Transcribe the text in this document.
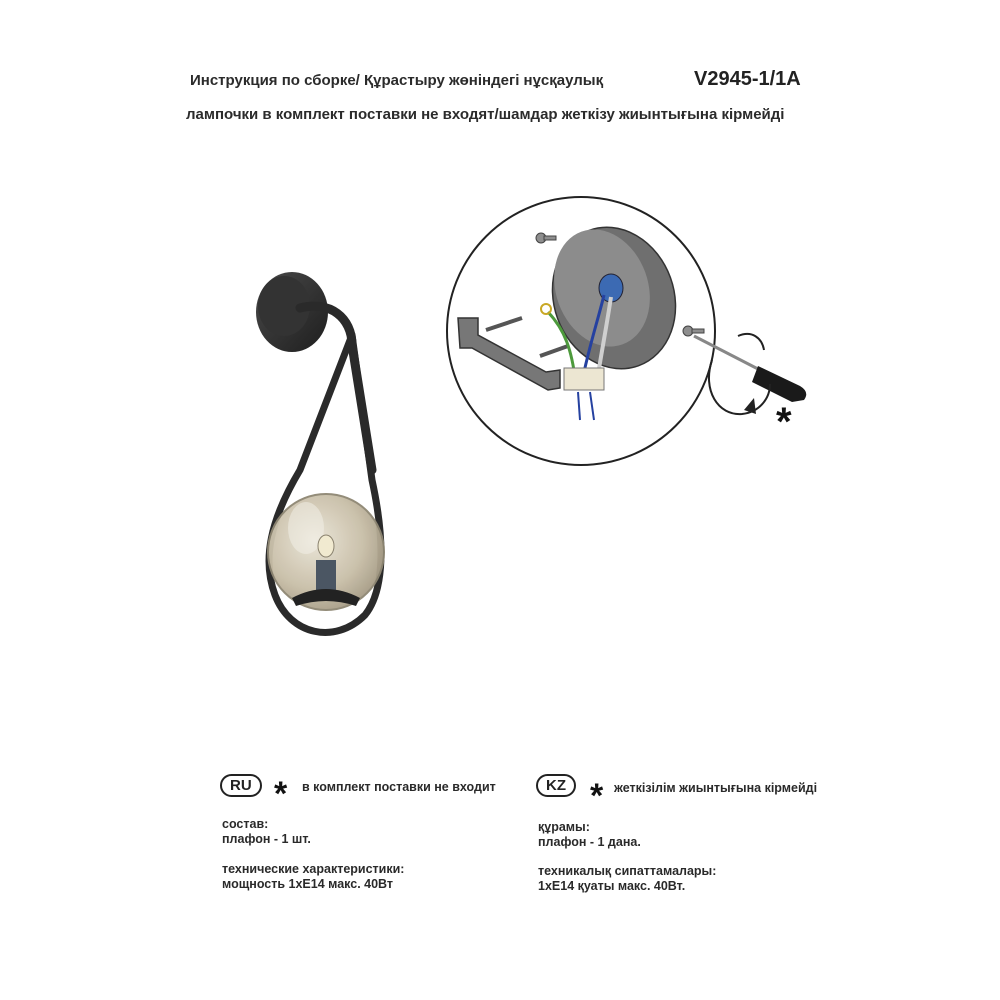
Инструкция по сборке/ Құрастыру жөніндегі нұсқаулық	V2945-1/1A
лампочки в комплект поставки не входят/шамдар жеткізу жиынтығына кірмейді
*
RU * в комплект поставки не входит
состав:
плафон - 1 шт.
технические характеристики:
мощность 1хЕ14 макс. 40Вт
KZ * жеткізілім жиынтығына кірмейді
құрамы:
плафон - 1 дана.
техникалық сипаттамалары:
1хЕ14 қуаты макс. 40Вт.
